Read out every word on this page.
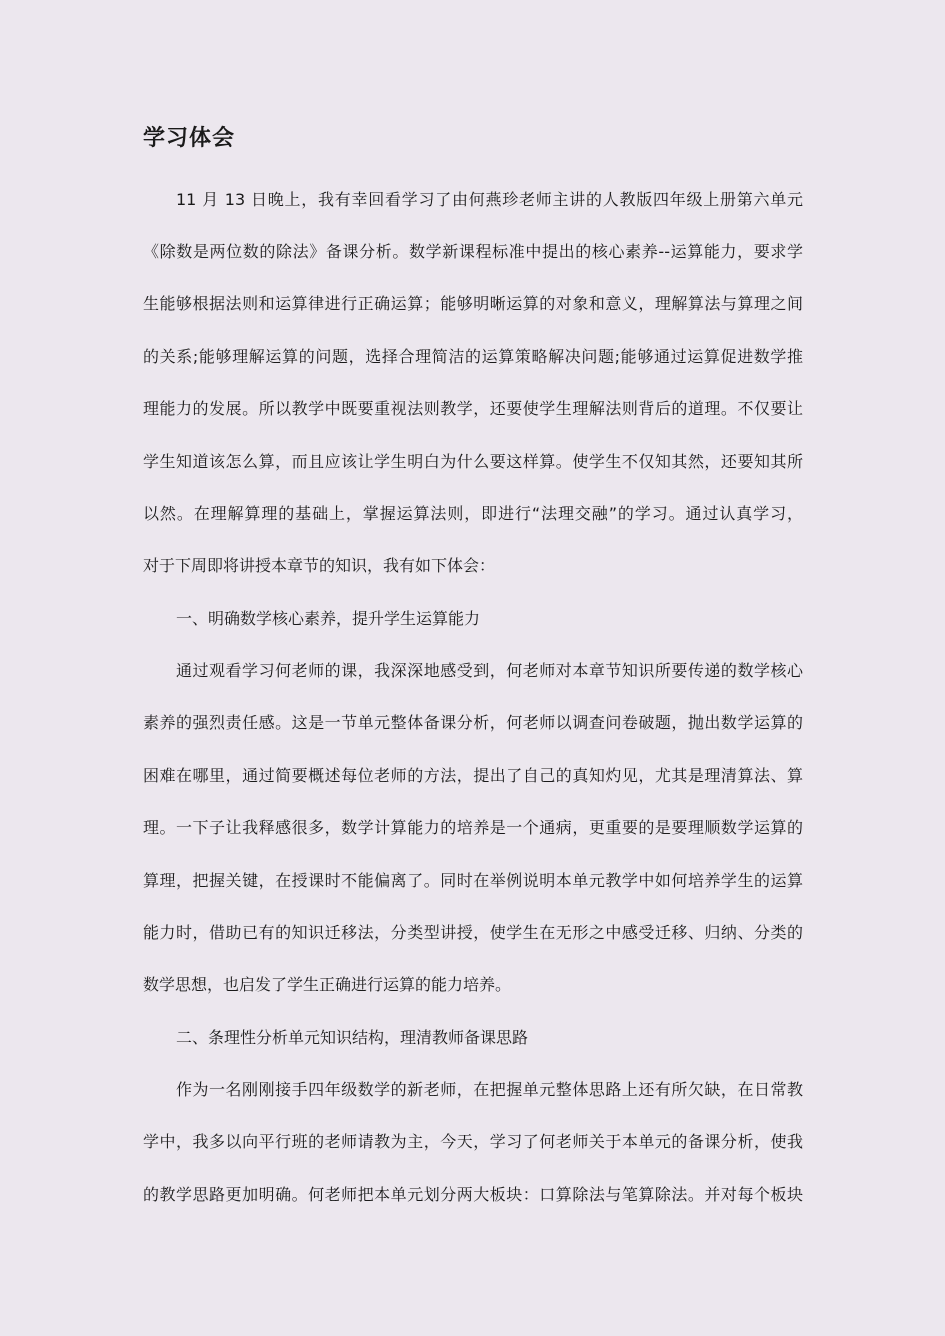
学习体会

11 月 13 日晚上，我有幸回看学习了由何燕珍老师主讲的人教版四年级上册第六单元

《除数是两位数的除法》备课分析。数学新课程标准中提出的核心素养--运算能力，要求学

生能够根据法则和运算律进行正确运算；能够明晰运算的对象和意义，理解算法与算理之间

的关系;能够理解运算的问题，选择合理简洁的运算策略解决问题;能够通过运算促进数学推

理能力的发展。所以教学中既要重视法则教学，还要使学生理解法则背后的道理。不仅要让

学生知道该怎么算，而且应该让学生明白为什么要这样算。使学生不仅知其然，还要知其所

以然。在理解算理的基础上，掌握运算法则，即进行“法理交融”的学习。通过认真学习，

对于下周即将讲授本章节的知识，我有如下体会：

一、明确数学核心素养，提升学生运算能力

通过观看学习何老师的课，我深深地感受到，何老师对本章节知识所要传递的数学核心

素养的强烈责任感。这是一节单元整体备课分析，何老师以调查问卷破题，抛出数学运算的

困难在哪里，通过简要概述每位老师的方法，提出了自己的真知灼见，尤其是理清算法、算

理。一下子让我释感很多，数学计算能力的培养是一个通病，更重要的是要理顺数学运算的

算理，把握关键，在授课时不能偏离了。同时在举例说明本单元教学中如何培养学生的运算

能力时，借助已有的知识迁移法，分类型讲授，使学生在无形之中感受迁移、归纳、分类的

数学思想，也启发了学生正确进行运算的能力培养。

二、条理性分析单元知识结构，理清教师备课思路

作为一名刚刚接手四年级数学的新老师，在把握单元整体思路上还有所欠缺，在日常教

学中，我多以向平行班的老师请教为主，今天，学习了何老师关于本单元的备课分析，使我

的教学思路更加明确。何老师把本单元划分两大板块：口算除法与笔算除法。并对每个板块
